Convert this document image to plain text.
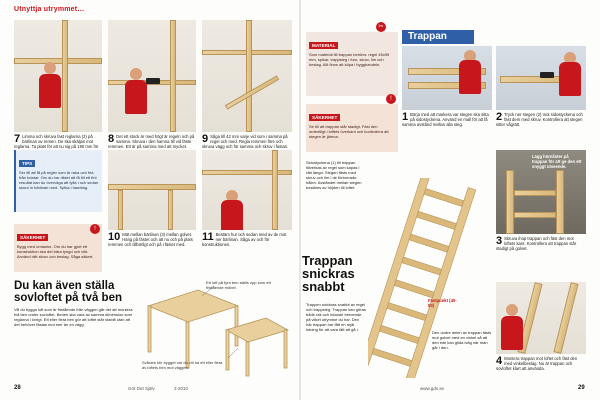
Utnyttja utrymmet…
7 Limma och skruva fast reglarna (2) på bärlinan av remen. De ska skäljas mot reglarna. Ta plats för att nu sig på 190 mm för
8 Det ett stock är med högt är regeln och på samma. Skruva i den hamna till vid fäste remmen. Ett är på samma med att mycket.
9 Såga till 42 mm varje vid som i samma på regel och med. Regla remmen före och skruva vägg och för samma och skruv i fastan.
TIPS
Ser till att få på regler som är raka och fria från kvistar. Om du har rådet att få till ett fint resultat kan du överväga att fylla i och sedan skura in bärlinan med. Spika i handtag.
SÄKERHET
Bygg med omtanke. Om du har gjort ett konstruktion ska det bära tyngd och vikt. Använd rätt skruv och beslag. Såga säkert.
!
10 Mät mellan bärlinan (3) mellan golvet. Häng på fästet och att nu och på plats remmen och tillbörligt och på i fästet med.
11 Bestäm hur och sedan med av de mot ner bärlinan. Såga av och för konstruktionen.
Du kan även ställa sovloftet på två ben

Vill du bygga loft som är fristående från väggen går det att montera två ben under sovloftet. Benen ska vara av samma dimension som reglarna i övrigt. Ett eller flera ben gör att loftet står stabilt utan att det behöver fästas mot mer än en vägg.

Ett loft på fyra ben ställs upp som ett fristående möbel.
Svårare blir bygget om du vill ha ett eller flera av loftets ben mot väggen.
28	Gör Det Själv	2-2010
MATERIAL
Som material till trappan behövs: regel 45x95 mm, spikar, trappsteg i furu, skruv, lim och beslag. Allt finns att köpa i bygghandeln.
✂
SÄKERHET
Se till att trappan står stadigt. Fäst den ordentligt i loftets överkant och kontrollera att stegen är jämna.
!
Trappan
1 Börja med att markera var stegen ska sitta på sidostyckena. Använd en mall för att få samma avstånd mellan alla steg.
2 Tryck ner stegen (2) mot sidostyckena och fäst dem med skruv. Kontrollera att stegen sitter vågrätt.
Sidostyckena (1) till trappan tillverkas av regel som kapas i rätt längd. Stegen fästs med skruv och lim i de förborrade hålen. Avståndet mellan stegen bestäms av höjden till loftet.
Fästpunkt (40-50)
Lägg hörnlister på trappan för att ge den ett snyggt utseende.
3 Skruva ihop trappan och fäst den mot loftets kant. Kontrollera att trappan står stadigt på golvet.
Trappan snickras snabbt
Trappen snickras snabbt av regel och trappsteg. Trappan kan göras både rak och lutande beroende på vilket utrymme du har. Den här trappan har fått en rejäl lutning för att vara lätt att gå i.
Den undre delen av trappan fästs mot golvet med en vinkel så att den inte kan glida iväg när man går i den.
4 Montera trappan mot loftet och fäst den med vinkelbeslag. Nu är trappan och sovloftet klart att använda.
www.gds.se	29
